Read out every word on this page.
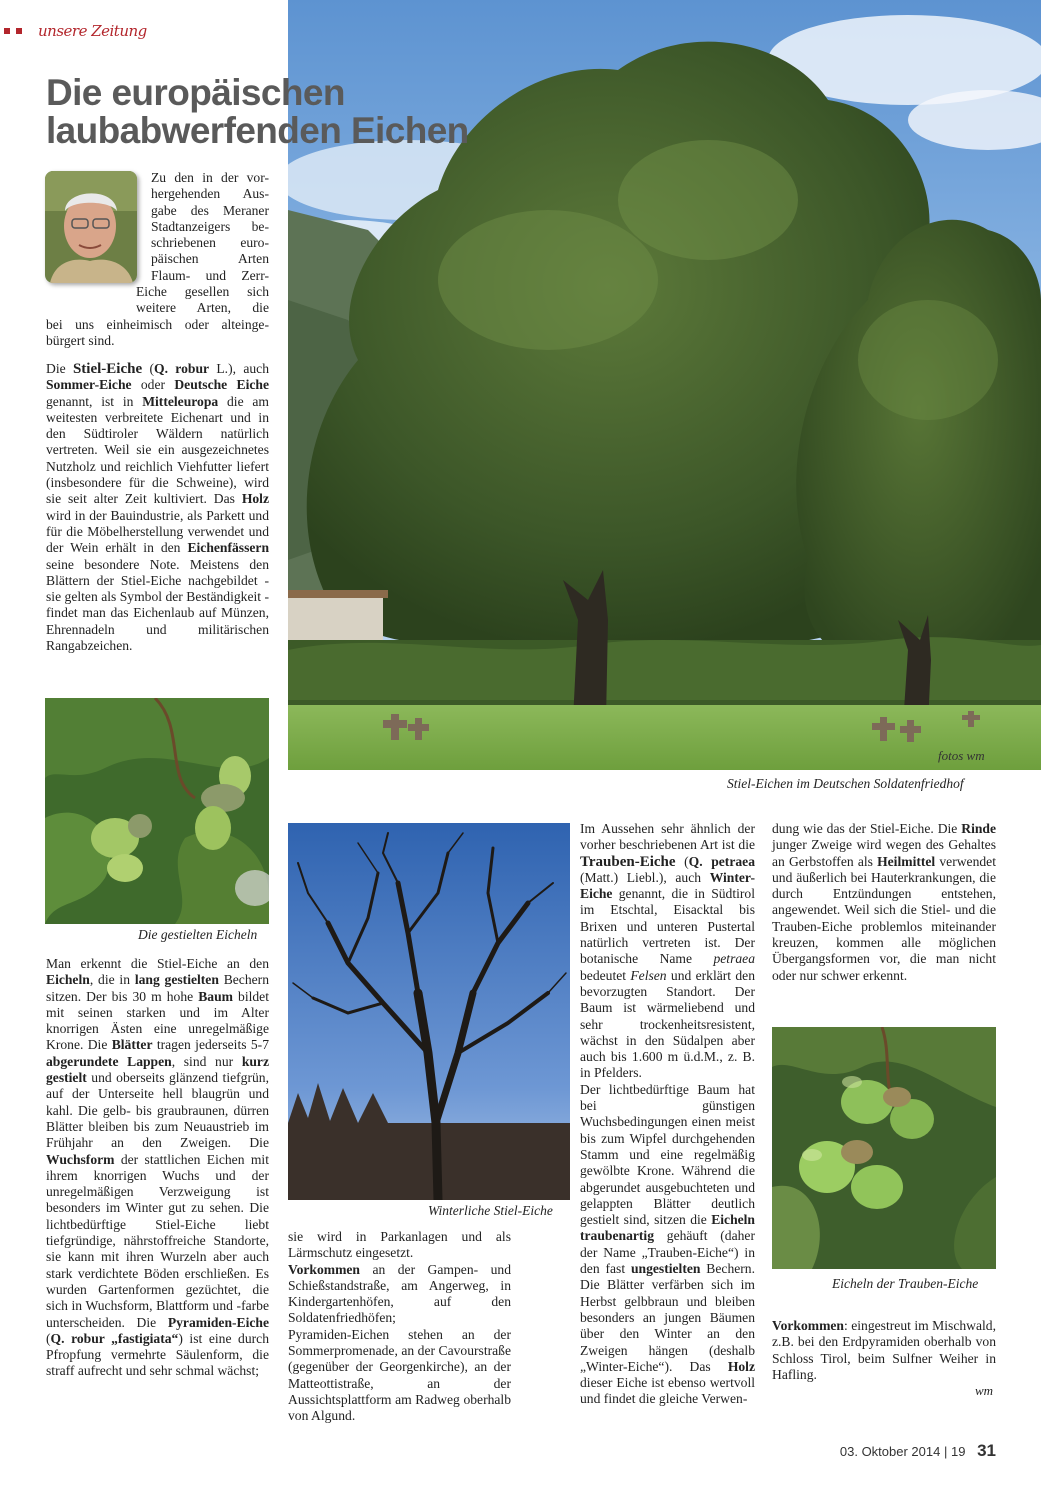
unsere Zeitung
fotos wm
Stiel-Eichen im Deutschen Soldatenfriedhof
Die europäischen
laubabwerfenden Eichen
Zu den in der vor-
hergehenden Aus-
gabe des Meraner
Stadtanzeigers be-
schriebenen euro-
päischen Arten
Flaum- und Zerr-
Eiche gesellen sich
weitere Arten, die
bei uns einheimisch oder alteinge-
bürgert sind.

Die Stiel-Eiche (Q. robur L.), auch Sommer-Eiche oder Deutsche Eiche genannt, ist in Mitteleuropa die am weitesten verbreitete Eichenart und in den Südtiroler Wäldern natürlich vertreten. Weil sie ein ausgezeichnetes Nutzholz und reichlich Viehfutter liefert (insbesondere für die Schweine), wird sie seit alter Zeit kultiviert. Das Holz wird in der Bauindustrie, als Parkett und für die Möbelherstellung verwendet und der Wein erhält in den Eichenfässern seine besondere Note. Meistens den Blättern der Stiel-Eiche nachgebildet - sie gelten als Symbol der Beständigkeit - findet man das Eichenlaub auf Münzen, Ehrennadeln und militärischen Rangabzeichen.

Die gestielten Eicheln

Man erkennt die Stiel-Eiche an den Eicheln, die in lang gestielten Bechern sitzen. Der bis 30 m hohe Baum bildet mit seinen starken und im Alter knorrigen Ästen eine unregelmäßige Krone. Die Blätter tragen jederseits 5-7 abgerundete Lappen, sind nur kurz gestielt und oberseits glänzend tiefgrün, auf der Unterseite hell blaugrün und kahl. Die gelb- bis graubraunen, dürren Blätter bleiben bis zum Neuaustrieb im Frühjahr an den Zweigen. Die Wuchsform der stattlichen Eichen mit ihrem knorrigen Wuchs und der unregelmäßigen Verzweigung ist besonders im Winter gut zu sehen. Die lichtbedürftige Stiel-Eiche liebt tiefgründige, nährstoffreiche Standorte, sie kann mit ihren Wurzeln aber auch stark verdichtete Böden erschließen. Es wurden Gartenformen gezüchtet, die sich in Wuchsform, Blattform und -farbe unterscheiden. Die Pyramiden-Eiche (Q. robur „fastigiata“) ist eine durch Pfropfung vermehrte Säulenform, die straff aufrecht und sehr schmal wächst;

Winterliche Stiel-Eiche

sie wird in Parkanlagen und als Lärmschutz eingesetzt.

Vorkommen an der Gampen- und Schießstandstraße, am Angerweg, in Kindergartenhöfen, auf den Soldatenfriedhöfen;

Pyramiden-Eichen stehen an der Sommerpromenade, an der Cavourstraße (gegenüber der Georgenkirche), an der Matteottistraße, an der Aussichtsplattform am Radweg oberhalb von Algund.

Im Aussehen sehr ähnlich der vorher beschriebenen Art ist die Trauben-Eiche (Q. petraea (Matt.) Liebl.), auch Winter-Eiche genannt, die in Südtirol im Etschtal, Eisacktal bis Brixen und unteren Pustertal natürlich vertreten ist. Der botanische Name petraea bedeutet Felsen und erklärt den bevorzugten Standort. Der Baum ist wärmeliebend und sehr trockenheitsresistent, wächst in den Südalpen aber auch bis 1.600 m ü.d.M., z. B. in Pfelders.

Der lichtbedürftige Baum hat bei günstigen Wuchsbedingungen einen meist bis zum Wipfel durchgehenden Stamm und eine regelmäßig gewölbte Krone. Während die abgerundet ausgebuchteten und gelappten Blätter deutlich gestielt sind, sitzen die Eicheln traubenartig gehäuft (daher der Name „Trauben-Eiche“) in den fast ungestielten Bechern. Die Blätter verfärben sich im Herbst gelbbraun und bleiben besonders an jungen Bäumen über den Winter an den Zweigen hängen (deshalb „Winter-Eiche“). Das Holz dieser Eiche ist ebenso wertvoll und findet die gleiche Verwen-

dung wie das der Stiel-Eiche. Die Rinde junger Zweige wird wegen des Gehaltes an Gerbstoffen als Heilmittel verwendet und äußerlich bei Hauterkrankungen, die durch Entzündungen entstehen, angewendet. Weil sich die Stiel- und die Trauben-Eiche problemlos miteinander kreuzen, kommen alle möglichen Übergangsformen vor, die man nicht oder nur schwer erkennt.

Eicheln der Trauben-Eiche

Vorkommen: eingestreut im Mischwald, z.B. bei den Erdpyramiden oberhalb von Schloss Tirol, beim Sulfner Weiher in Hafling.

wm
03. Oktober 2014 | 19 31
